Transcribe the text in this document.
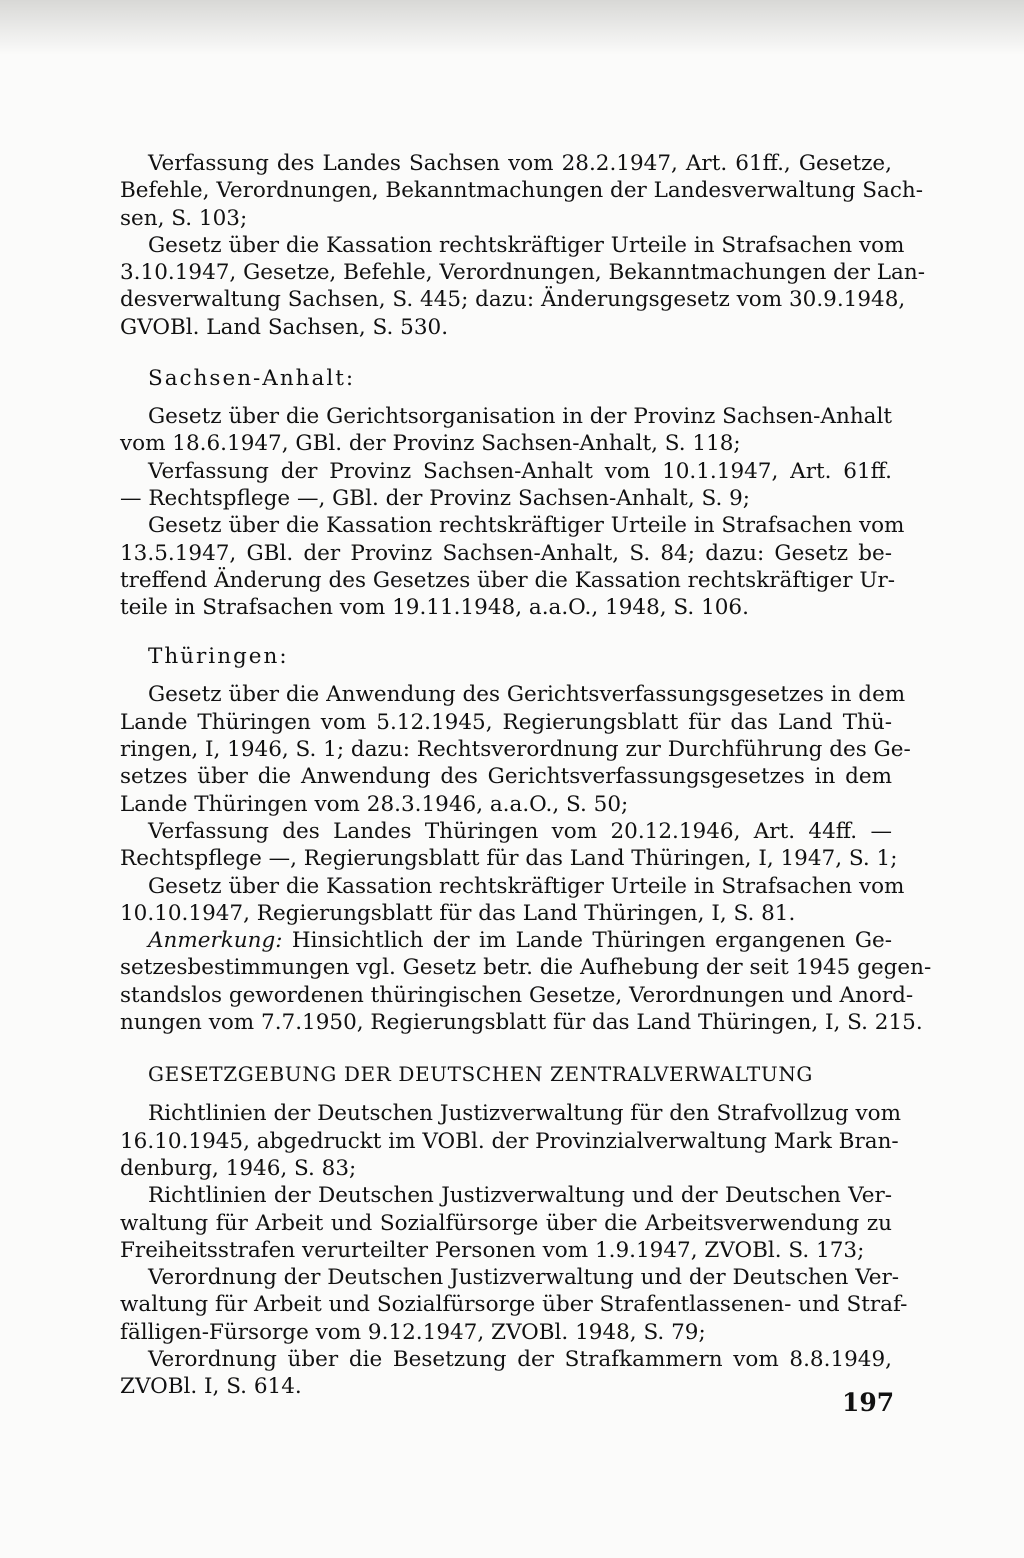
Verfassung des Landes Sachsen vom 28.2.1947, Art. 61ff., Gesetze,
Befehle, Verordnungen, Bekanntmachungen der Landesverwaltung Sach-
sen, S. 103;

Gesetz über die Kassation rechtskräftiger Urteile in Strafsachen vom
3.10.1947, Gesetze, Befehle, Verordnungen, Bekanntmachungen der Lan-
desverwaltung Sachsen, S. 445; dazu: Änderungsgesetz vom 30.9.1948,
GVOBl. Land Sachsen, S. 530.

Sachsen-Anhalt:

Gesetz über die Gerichtsorganisation in der Provinz Sachsen-Anhalt
vom 18.6.1947, GBl. der Provinz Sachsen-Anhalt, S. 118;

Verfassung der Provinz Sachsen-Anhalt vom 10.1.1947, Art. 61ff.
— Rechtspflege —, GBl. der Provinz Sachsen-Anhalt, S. 9;

Gesetz über die Kassation rechtskräftiger Urteile in Strafsachen vom
13.5.1947, GBl. der Provinz Sachsen-Anhalt, S. 84; dazu: Gesetz be-
treffend Änderung des Gesetzes über die Kassation rechtskräftiger Ur-
teile in Strafsachen vom 19.11.1948, a.a.O., 1948, S. 106.

Thüringen:

Gesetz über die Anwendung des Gerichtsverfassungsgesetzes in dem
Lande Thüringen vom 5.12.1945, Regierungsblatt für das Land Thü-
ringen, I, 1946, S. 1; dazu: Rechtsverordnung zur Durchführung des Ge-
setzes über die Anwendung des Gerichtsverfassungsgesetzes in dem
Lande Thüringen vom 28.3.1946, a.a.O., S. 50;

Verfassung des Landes Thüringen vom 20.12.1946, Art. 44ff. —
Rechtspflege —, Regierungsblatt für das Land Thüringen, I, 1947, S. 1;

Gesetz über die Kassation rechtskräftiger Urteile in Strafsachen vom
10.10.1947, Regierungsblatt für das Land Thüringen, I, S. 81.

Anmerkung: Hinsichtlich der im Lande Thüringen ergangenen Ge-
setzesbestimmungen vgl. Gesetz betr. die Aufhebung der seit 1945 gegen-
standslos gewordenen thüringischen Gesetze, Verordnungen und Anord-
nungen vom 7.7.1950, Regierungsblatt für das Land Thüringen, I, S. 215.

GESETZGEBUNG DER DEUTSCHEN ZENTRALVERWALTUNG

Richtlinien der Deutschen Justizverwaltung für den Strafvollzug vom
16.10.1945, abgedruckt im VOBl. der Provinzialverwaltung Mark Bran-
denburg, 1946, S. 83;

Richtlinien der Deutschen Justizverwaltung und der Deutschen Ver-
waltung für Arbeit und Sozialfürsorge über die Arbeitsverwendung zu
Freiheitsstrafen verurteilter Personen vom 1.9.1947, ZVOBl. S. 173;

Verordnung der Deutschen Justizverwaltung und der Deutschen Ver-
waltung für Arbeit und Sozialfürsorge über Strafentlassenen- und Straf-
fälligen-Fürsorge vom 9.12.1947, ZVOBl. 1948, S. 79;

Verordnung über die Besetzung der Strafkammern vom 8.8.1949,
ZVOBl. I, S. 614.

197
